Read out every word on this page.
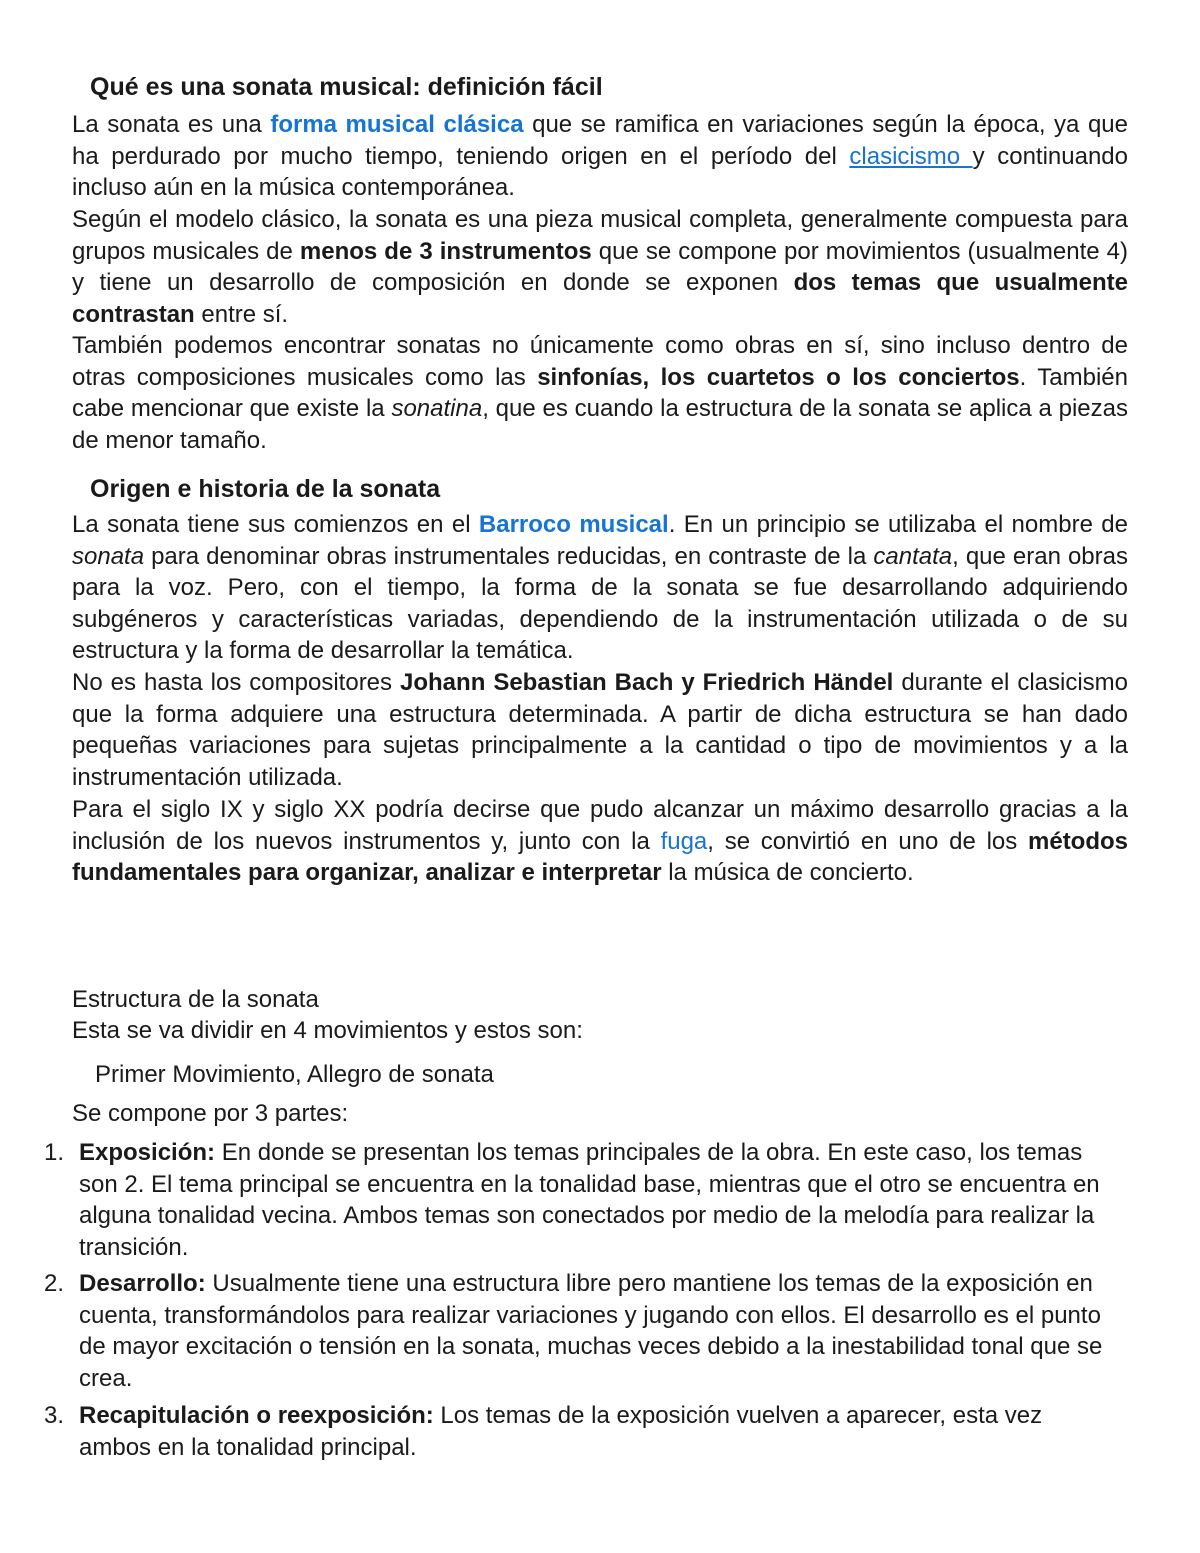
Qué es una sonata musical: definición fácil

La sonata es una forma musical clásica que se ramifica en variaciones según la época, ya que ha perdurado por mucho tiempo, teniendo origen en el período del clasicismo y continuando incluso aún en la música contemporánea.

Según el modelo clásico, la sonata es una pieza musical completa, generalmente compuesta para grupos musicales de menos de 3 instrumentos que se compone por movimientos (usualmente 4) y tiene un desarrollo de composición en donde se exponen dos temas que usualmente contrastan entre sí.

También podemos encontrar sonatas no únicamente como obras en sí, sino incluso dentro de otras composiciones musicales como las sinfonías, los cuartetos o los conciertos. También cabe mencionar que existe la sonatina, que es cuando la estructura de la sonata se aplica a piezas de menor tamaño.

Origen e historia de la sonata

La sonata tiene sus comienzos en el Barroco musical. En un principio se utilizaba el nombre de sonata para denominar obras instrumentales reducidas, en contraste de la cantata, que eran obras para la voz. Pero, con el tiempo, la forma de la sonata se fue desarrollando adquiriendo subgéneros y características variadas, dependiendo de la instrumentación utilizada o de su estructura y la forma de desarrollar la temática.

No es hasta los compositores Johann Sebastian Bach y Friedrich Händel durante el clasicismo que la forma adquiere una estructura determinada. A partir de dicha estructura se han dado pequeñas variaciones para sujetas principalmente a la cantidad o tipo de movimientos y a la instrumentación utilizada.

Para el siglo IX y siglo XX podría decirse que pudo alcanzar un máximo desarrollo gracias a la inclusión de los nuevos instrumentos y, junto con la fuga, se convirtió en uno de los métodos fundamentales para organizar, analizar e interpretar la música de concierto.

Estructura de la sonata
Esta se va dividir en 4 movimientos y estos son:
Primer Movimiento, Allegro de sonata
Se compone por 3 partes:
1. Exposición: En donde se presentan los temas principales de la obra. En este caso, los temas son 2. El tema principal se encuentra en la tonalidad base, mientras que el otro se encuentra en alguna tonalidad vecina. Ambos temas son conectados por medio de la melodía para realizar la transición.
2. Desarrollo: Usualmente tiene una estructura libre pero mantiene los temas de la exposición en cuenta, transformándolos para realizar variaciones y jugando con ellos. El desarrollo es el punto de mayor excitación o tensión en la sonata, muchas veces debido a la inestabilidad tonal que se crea.
3. Recapitulación o reexposición: Los temas de la exposición vuelven a aparecer, esta vez ambos en la tonalidad principal.
